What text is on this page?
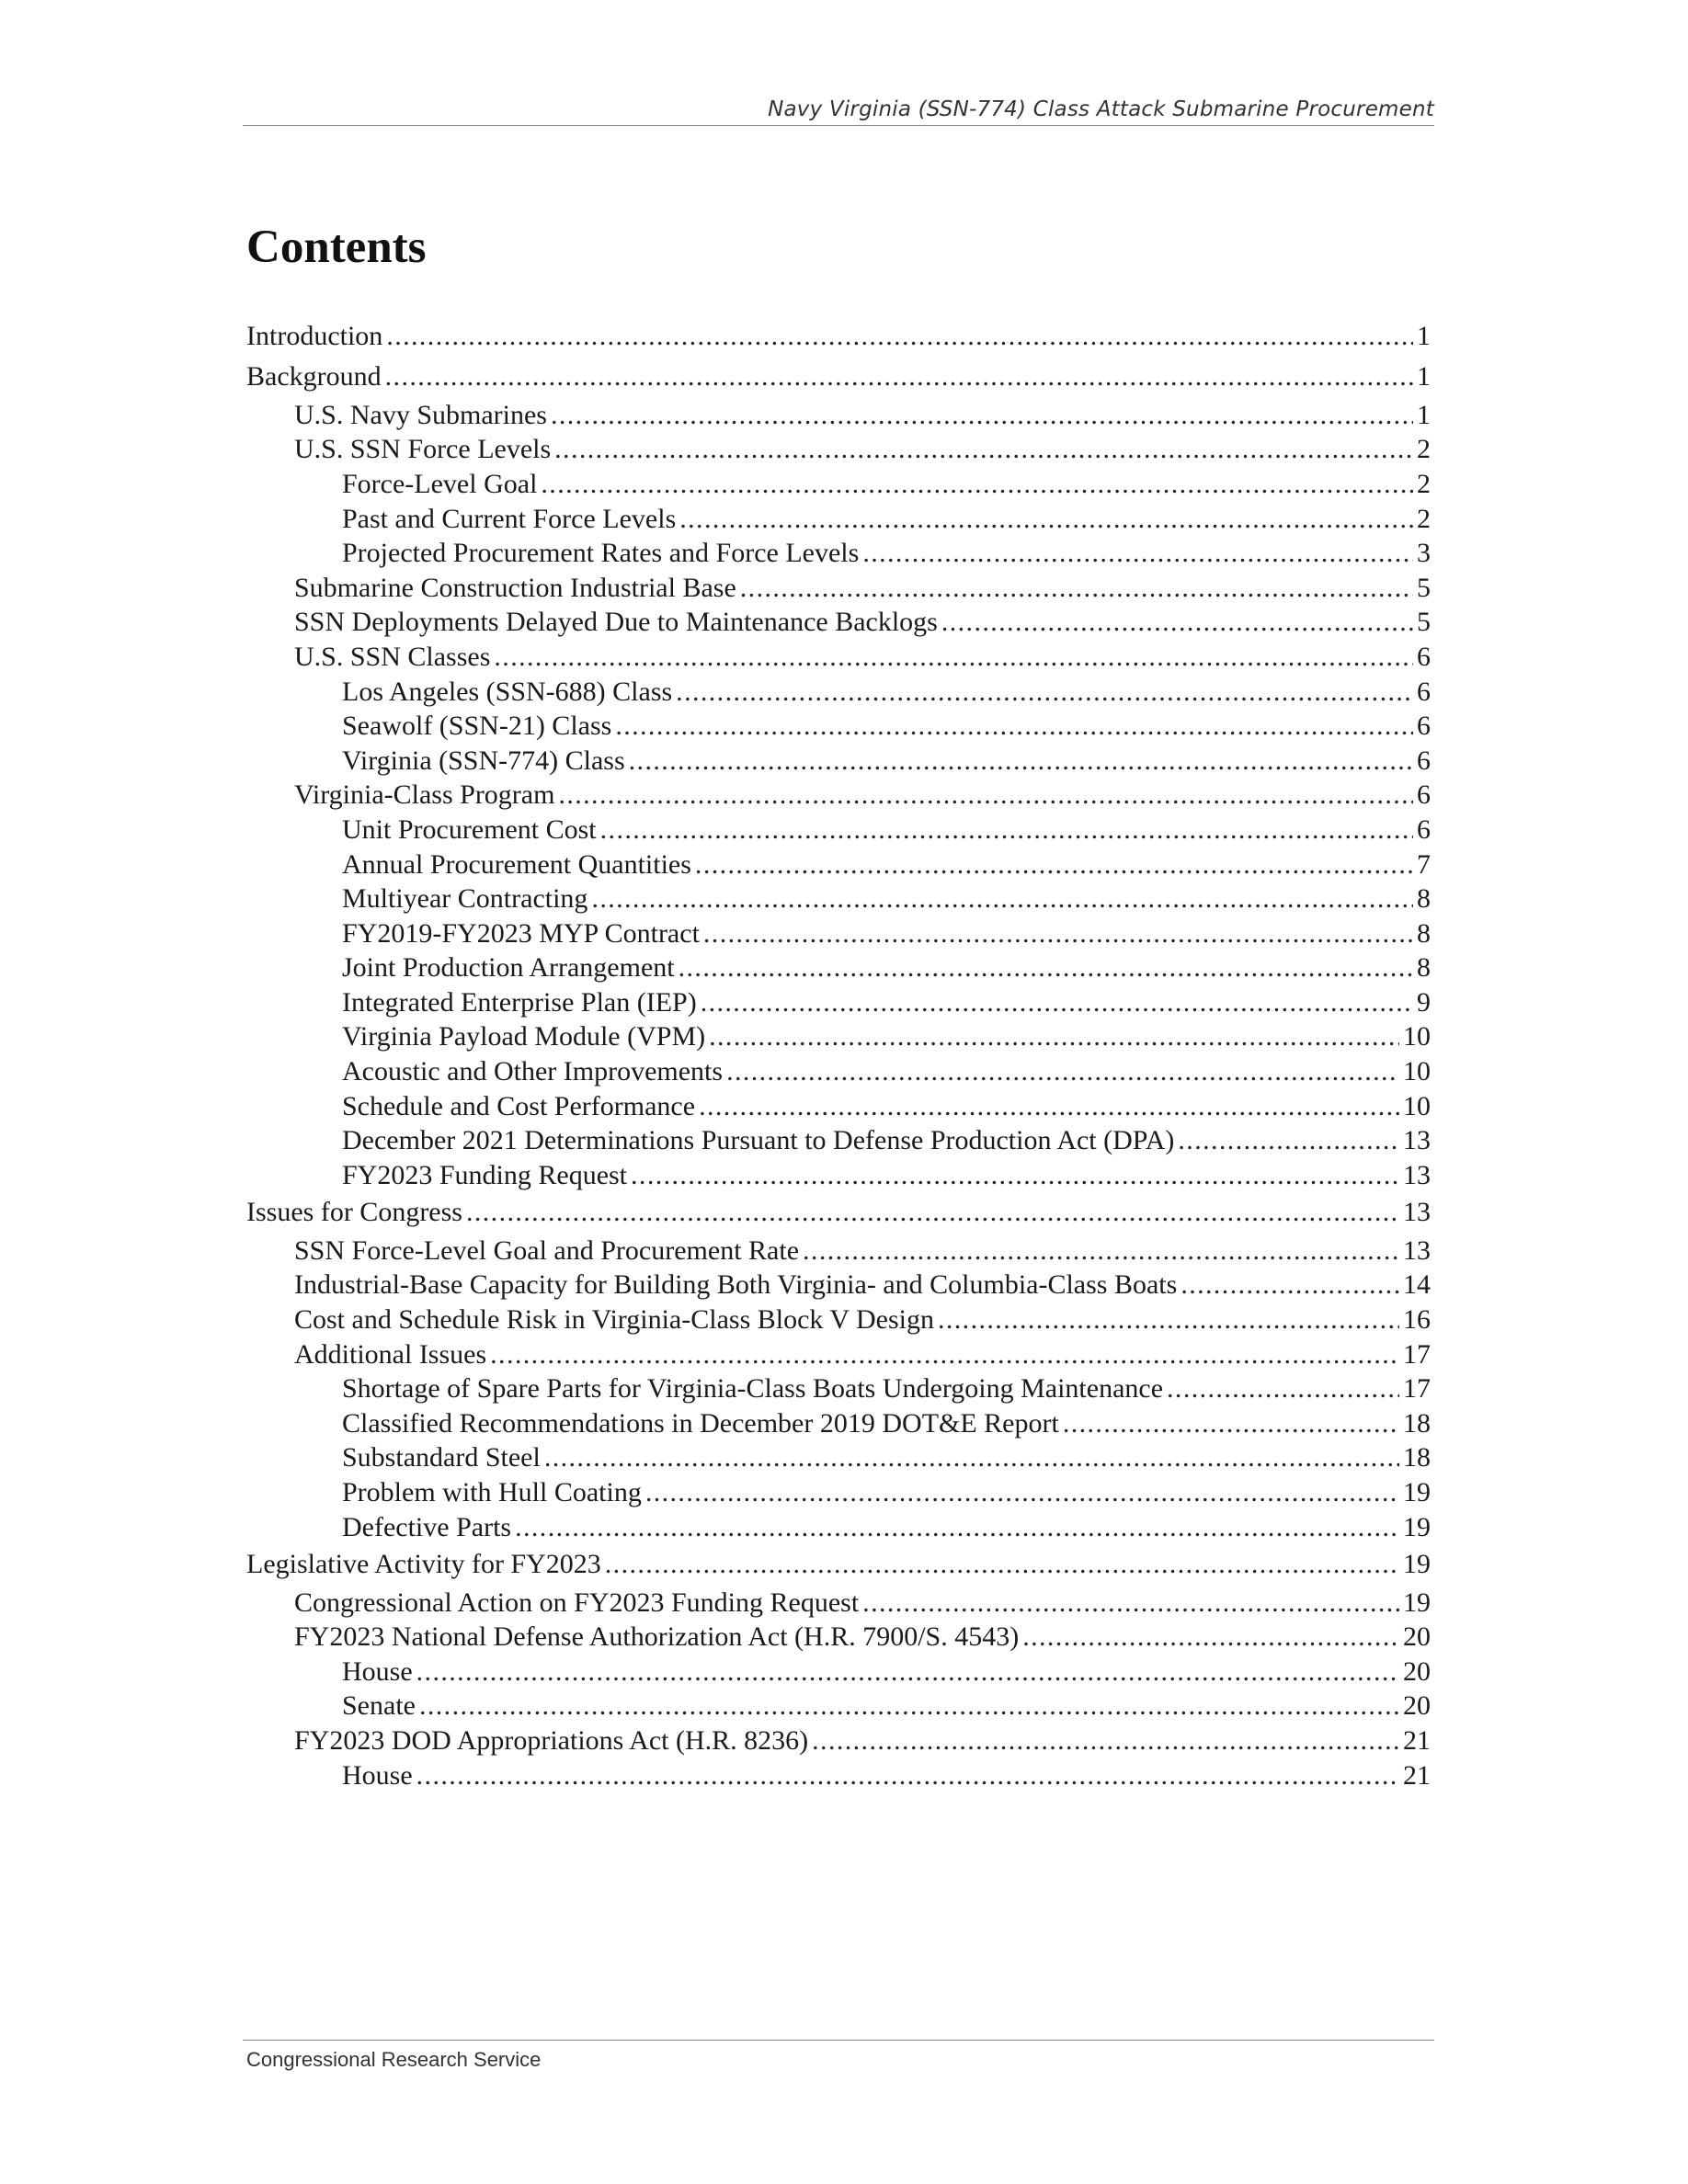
Navy Virginia (SSN-774) Class Attack Submarine Procurement
Contents
Introduction .....	1
Background .....	1
U.S. Navy Submarines .....	1
U.S. SSN Force Levels .....	2
Force-Level Goal .....	2
Past and Current Force Levels .....	2
Projected Procurement Rates and Force Levels .....	3
Submarine Construction Industrial Base .....	5
SSN Deployments Delayed Due to Maintenance Backlogs .....	5
U.S. SSN Classes .....	6
Los Angeles (SSN-688) Class .....	6
Seawolf (SSN-21) Class .....	6
Virginia (SSN-774) Class .....	6
Virginia-Class Program .....	6
Unit Procurement Cost .....	6
Annual Procurement Quantities .....	7
Multiyear Contracting .....	8
FY2019-FY2023 MYP Contract .....	8
Joint Production Arrangement .....	8
Integrated Enterprise Plan (IEP) .....	9
Virginia Payload Module (VPM) .....	10
Acoustic and Other Improvements .....	10
Schedule and Cost Performance .....	10
December 2021 Determinations Pursuant to Defense Production Act (DPA) .....	13
FY2023 Funding Request .....	13
Issues for Congress .....	13
SSN Force-Level Goal and Procurement Rate .....	13
Industrial-Base Capacity for Building Both Virginia- and Columbia-Class Boats .....	14
Cost and Schedule Risk in Virginia-Class Block V Design .....	16
Additional Issues .....	17
Shortage of Spare Parts for Virginia-Class Boats Undergoing Maintenance .....	17
Classified Recommendations in December 2019 DOT&E Report .....	18
Substandard Steel .....	18
Problem with Hull Coating .....	19
Defective Parts .....	19
Legislative Activity for FY2023 .....	19
Congressional Action on FY2023 Funding Request .....	19
FY2023 National Defense Authorization Act (H.R. 7900/S. 4543) .....	20
House .....	20
Senate .....	20
FY2023 DOD Appropriations Act (H.R. 8236) .....	21
House .....	21
Congressional Research Service
